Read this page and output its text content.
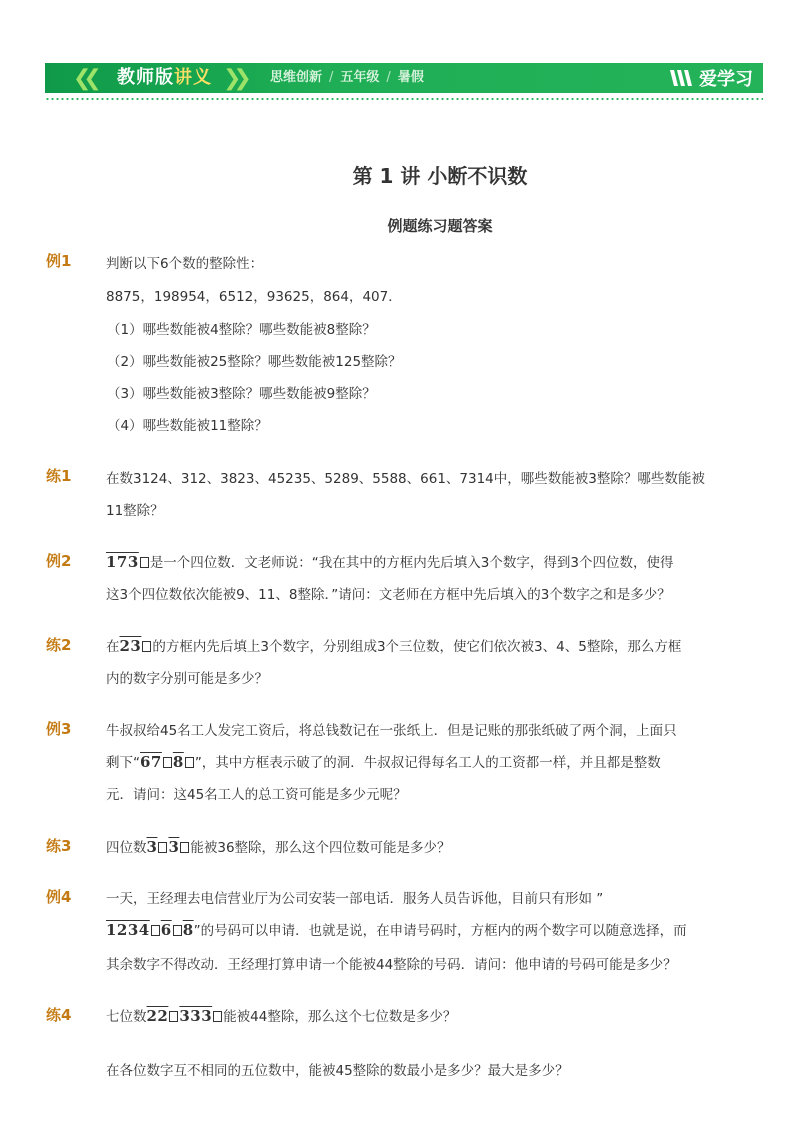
❮❮ 教师版讲义 ❯❯ 思维创新 / 五年级 / 暑假	爱学习
第 1 讲 小断不识数
例题练习题答案
例1	判断以下6个数的整除性：
8875，198954，6512，93625，864，407．
（1）哪些数能被4整除？哪些数能被8整除？
（2）哪些数能被25整除？哪些数能被125整除？
（3）哪些数能被3整除？哪些数能被9整除？
（4）哪些数能被11整除？
练1	在数3124、312、3823、45235、5289、5588、661、7314中，哪些数能被3整除？哪些数能被
11整除？
例2 173 是一个四位数．文老师说：“我在其中的方框内先后填入3个数字，得到3个四位数，使得
这3个四位数依次能被9、11、8整除．”请问：文老师在方框中先后填入的3个数字之和是多少？
练2	在23 的方框内先后填上3个数字，分别组成3个三位数，使它们依次被3、4、5整除，那么方框
内的数字分别可能是多少？
例3	牛叔叔给45名工人发完工资后，将总钱数记在一张纸上．但是记账的那张纸破了两个洞，上面只
剩下“67 8 ”，其中方框表示破了的洞．牛叔叔记得每名工人的工资都一样，并且都是整数
元．请问：这45名工人的总工资可能是多少元呢？
练3	四位数3 3 能被36整除，那么这个四位数可能是多少？
例4	一天，王经理去电信营业厅为公司安装一部电话．服务人员告诉他，目前只有形如 ”
1234 6 8”的号码可以申请．也就是说，在申请号码时，方框内的两个数字可以随意选择，而
其余数字不得改动．王经理打算申请一个能被44整除的号码．请问：他申请的号码可能是多少？
练4	七位数22 333 能被44整除，那么这个七位数是多少？
在各位数字互不相同的五位数中，能被45整除的数最小是多少？最大是多少？
